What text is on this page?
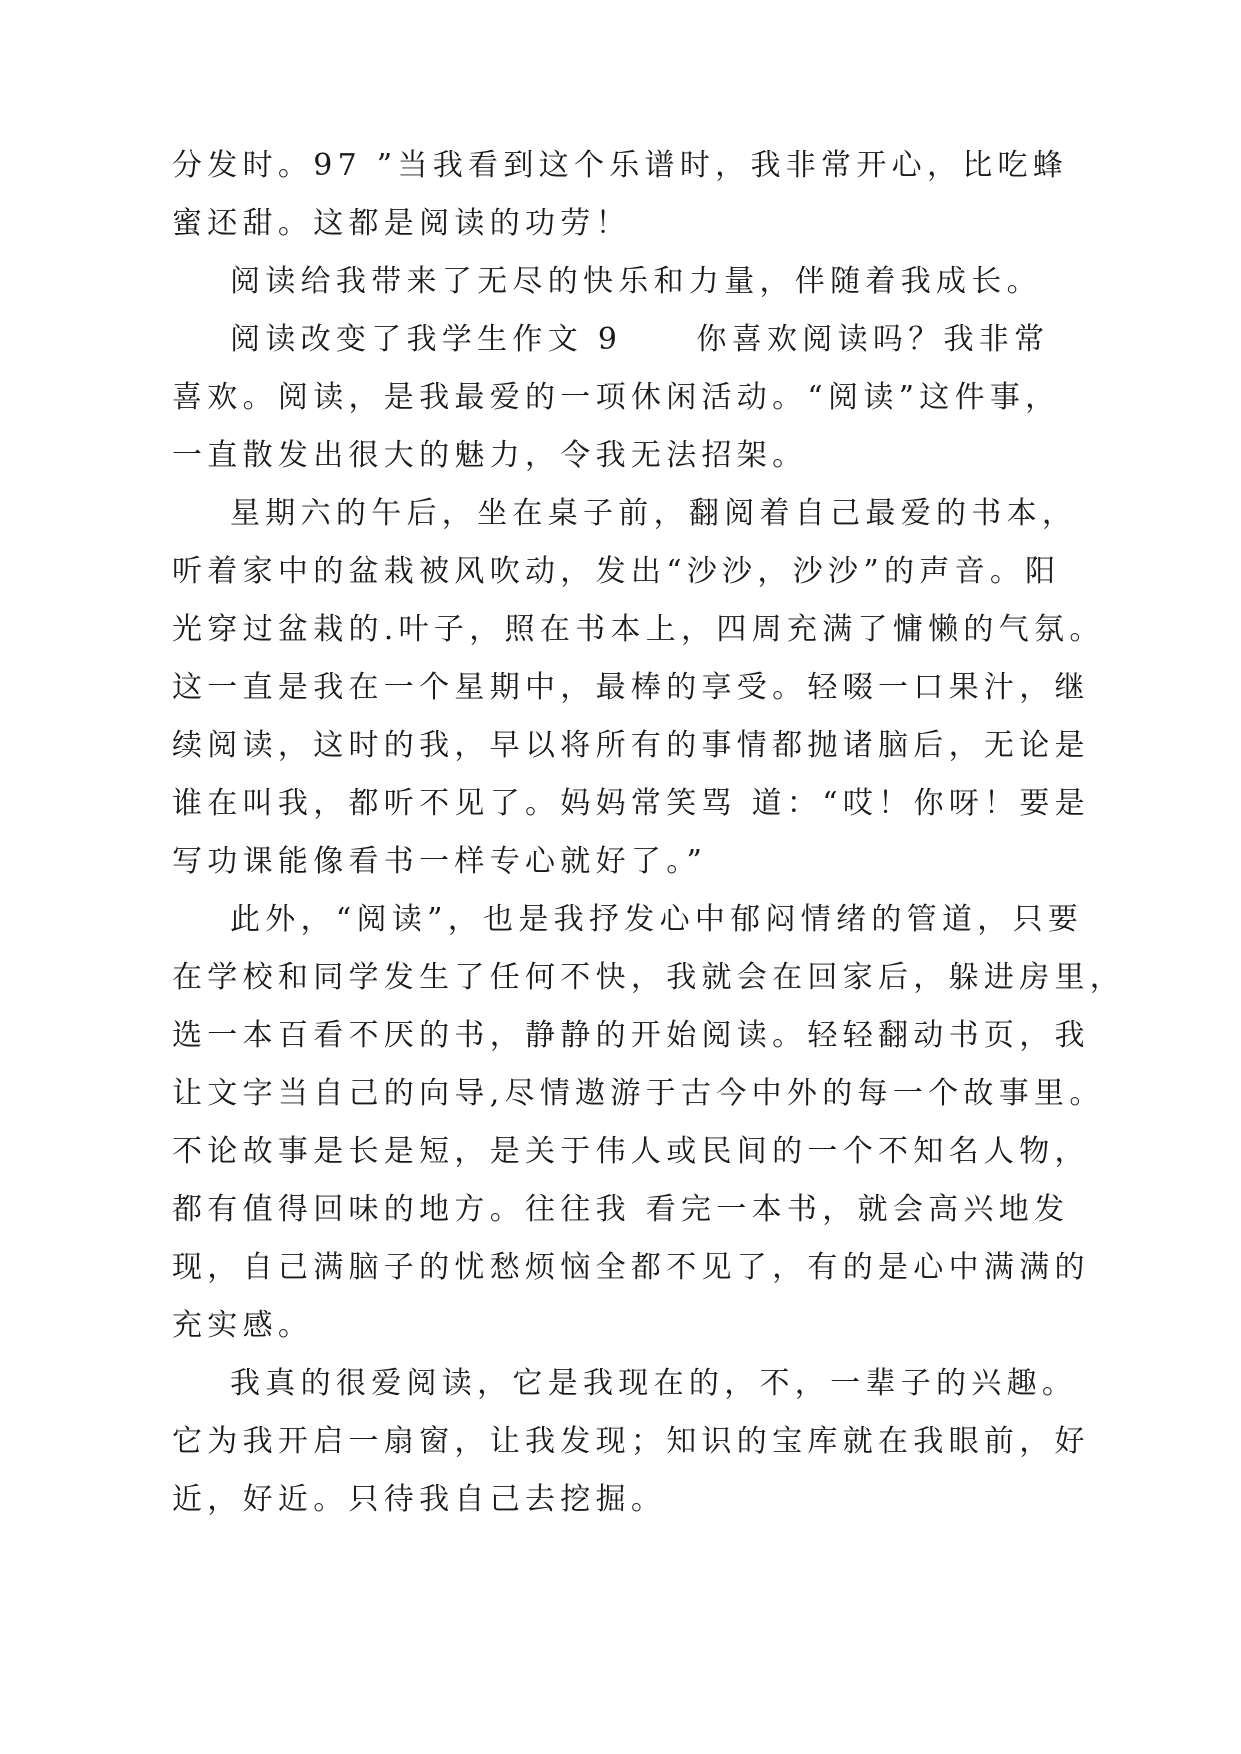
分发时。97 ”当我看到这个乐谱时，我非常开心，比吃蜂
蜜还甜。这都是阅读的功劳！
阅读给我带来了无尽的快乐和力量，伴随着我成长。
阅读改变了我学生作文 9     你喜欢阅读吗？我非常
喜欢。阅读，是我最爱的一项休闲活动。“阅读”这件事，
一直散发出很大的魅力，令我无法招架。
星期六的午后，坐在桌子前，翻阅着自己最爱的书本，
听着家中的盆栽被风吹动，发出“沙沙，沙沙”的声音。阳
光穿过盆栽的.叶子，照在书本上，四周充满了慵懒的气氛。
这一直是我在一个星期中，最棒的享受。轻啜一口果汁，继
续阅读，这时的我，早以将所有的事情都抛诸脑后，无论是
谁在叫我，都听不见了。妈妈常笑骂 道：“哎！你呀！要是
写功课能像看书一样专心就好了。”
此外，“阅读”，也是我抒发心中郁闷情绪的管道，只要
在学校和同学发生了任何不快，我就会在回家后，躲进房里，
选一本百看不厌的书，静静的开始阅读。轻轻翻动书页，我
让文字当自己的向导,尽情遨游于古今中外的每一个故事里。
不论故事是长是短，是关于伟人或民间的一个不知名人物，
都有值得回味的地方。往往我 看完一本书，就会高兴地发
现，自己满脑子的忧愁烦恼全都不见了，有的是心中满满的
充实感。
我真的很爱阅读，它是我现在的，不，一辈子的兴趣。
它为我开启一扇窗，让我发现；知识的宝库就在我眼前，好
近，好近。只待我自己去挖掘。
